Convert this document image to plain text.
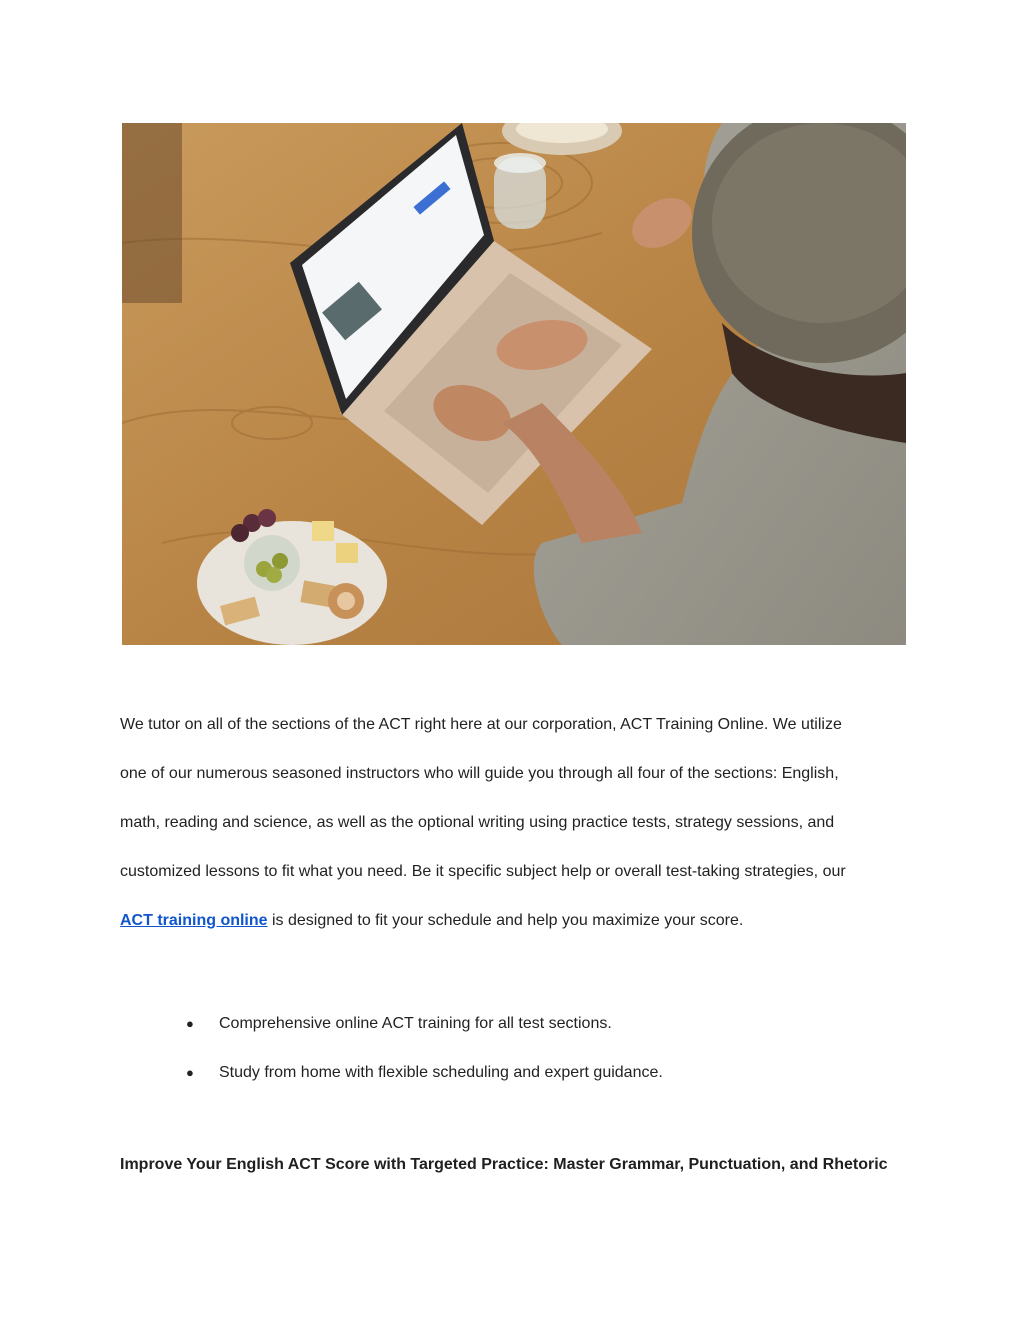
We tutor on all of the sections of the ACT right here at our corporation, ACT Training Online. We utilize
one of our numerous seasoned instructors who will guide you through all four of the sections: English,
math, reading and science, as well as the optional writing using practice tests, strategy sessions, and
customized lessons to fit what you need. Be it specific subject help or overall test-taking strategies, our
ACT training online is designed to fit your schedule and help you maximize your score.

● Comprehensive online ACT training for all test sections.
● Study from home with flexible scheduling and expert guidance.
Improve Your English ACT Score with Targeted Practice: Master Grammar, Punctuation, and Rhetoric
